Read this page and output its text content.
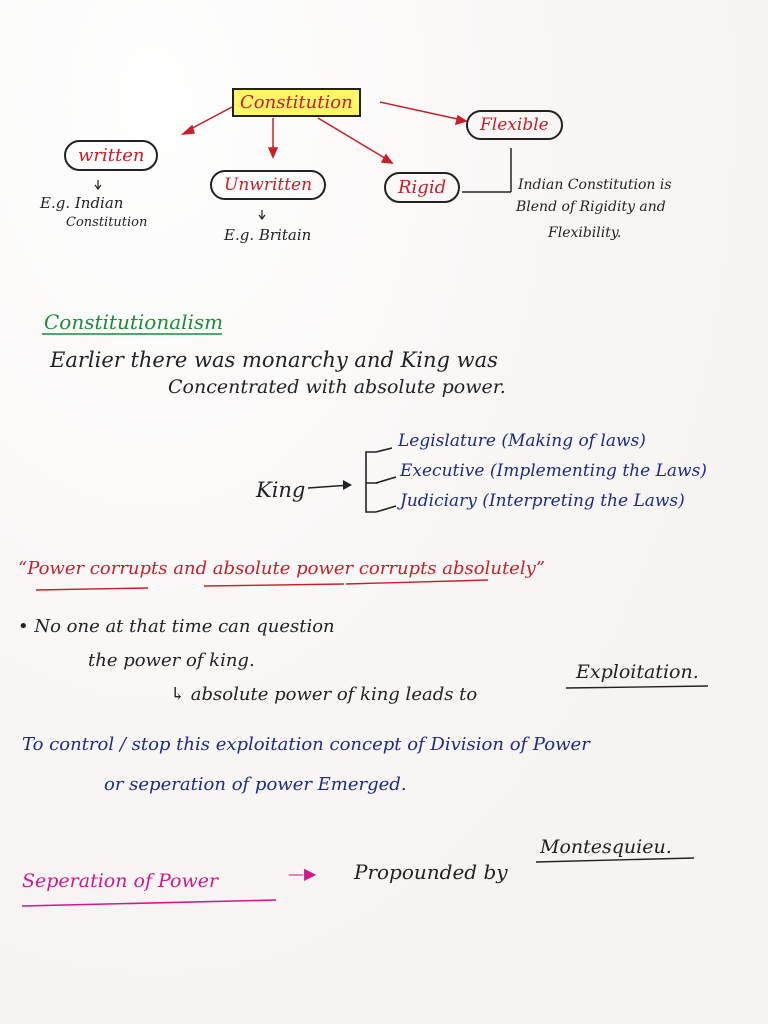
Constitution
written
E.g. Indian
Constitution
Unwritten
E.g. Britain
Rigid
Flexible
Indian Constitution is
Blend of Rigidity and
Flexibility.
Constitutionalism
Earlier there was monarchy and King was
Concentrated with absolute power.
King
Legislature (Making of laws)
Executive (Implementing the Laws)
Judiciary (Interpreting the Laws)
“Power corrupts and absolute power corrupts absolutely”
• No one at that time can question
the power of king.
↳ absolute power of king leads to
Exploitation.
To control / stop this exploitation concept of Division of Power
or seperation of power Emerged.
Seperation of Power	—▶ Propounded by
Montesquieu.
